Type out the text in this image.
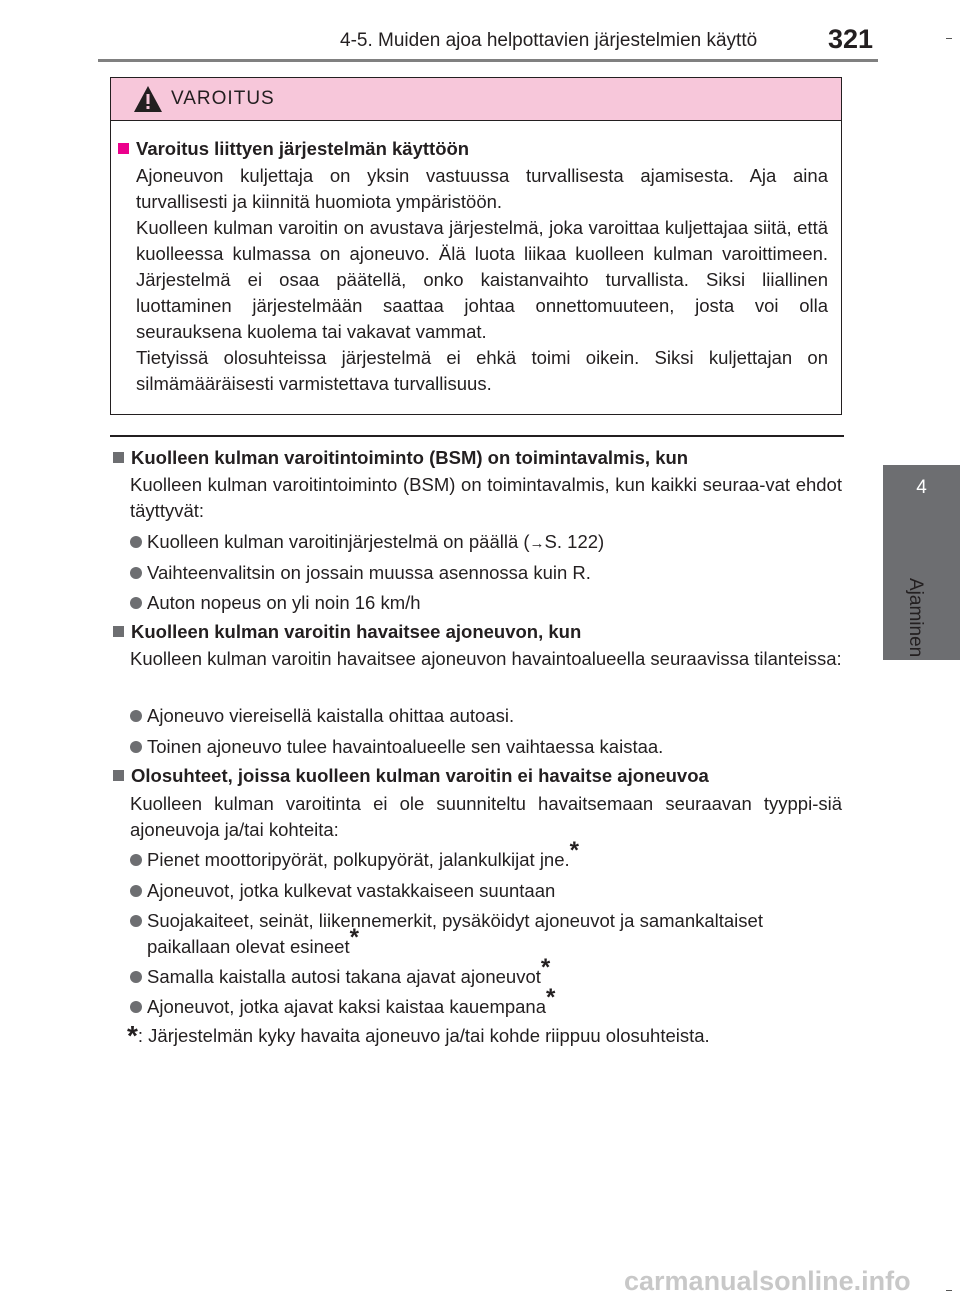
4-5. Muiden ajoa helpottavien järjestelmien käyttö	321
4
Ajaminen
VAROITUS
Varoitus liittyen järjestelmän käyttöön
Ajoneuvon kuljettaja on yksin vastuussa turvallisesta ajamisesta. Aja aina turvallisesti ja kiinnitä huomiota ympäristöön.
Kuolleen kulman varoitin on avustava järjestelmä, joka varoittaa kuljettajaa siitä, että kuolleessa kulmassa on ajoneuvo. Älä luota liikaa kuolleen kulman varoittimeen. Järjestelmä ei osaa päätellä, onko kaistanvaihto turvallista. Siksi liiallinen luottaminen järjestelmään saattaa johtaa onnettomuuteen, josta voi olla seurauksena kuolema tai vakavat vammat.
Tietyissä olosuhteissa järjestelmä ei ehkä toimi oikein. Siksi kuljettajan on silmämääräisesti varmistettava turvallisuus.
Kuolleen kulman varoitintoiminto (BSM) on toimintavalmis, kun
Kuolleen kulman varoitintoiminto (BSM) on toimintavalmis, kun kaikki seuraa-vat ehdot täyttyvät:
Kuolleen kulman varoitinjärjestelmä on päällä (→S. 122)
Vaihteenvalitsin on jossain muussa asennossa kuin R.
Auton nopeus on yli noin 16 km/h
Kuolleen kulman varoitin havaitsee ajoneuvon, kun
Kuolleen kulman varoitin havaitsee ajoneuvon havaintoalueella seuraavissa tilanteissa:
Ajoneuvo viereisellä kaistalla ohittaa autoasi.
Toinen ajoneuvo tulee havaintoalueelle sen vaihtaessa kaistaa.
Olosuhteet, joissa kuolleen kulman varoitin ei havaitse ajoneuvoa
Kuolleen kulman varoitinta ei ole suunniteltu havaitsemaan seuraavan tyyppi-siä ajoneuvoja ja/tai kohteita:
Pienet moottoripyörät, polkupyörät, jalankulkijat jne.*
Ajoneuvot, jotka kulkevat vastakkaiseen suuntaan
Suojakaiteet, seinät, liikennemerkit, pysäköidyt ajoneuvot ja samankaltaiset paikallaan olevat esineet*
Samalla kaistalla autosi takana ajavat ajoneuvot*
Ajoneuvot, jotka ajavat kaksi kaistaa kauempana*
*: Järjestelmän kyky havaita ajoneuvo ja/tai kohde riippuu olosuhteista.
carmanualsonline.info
